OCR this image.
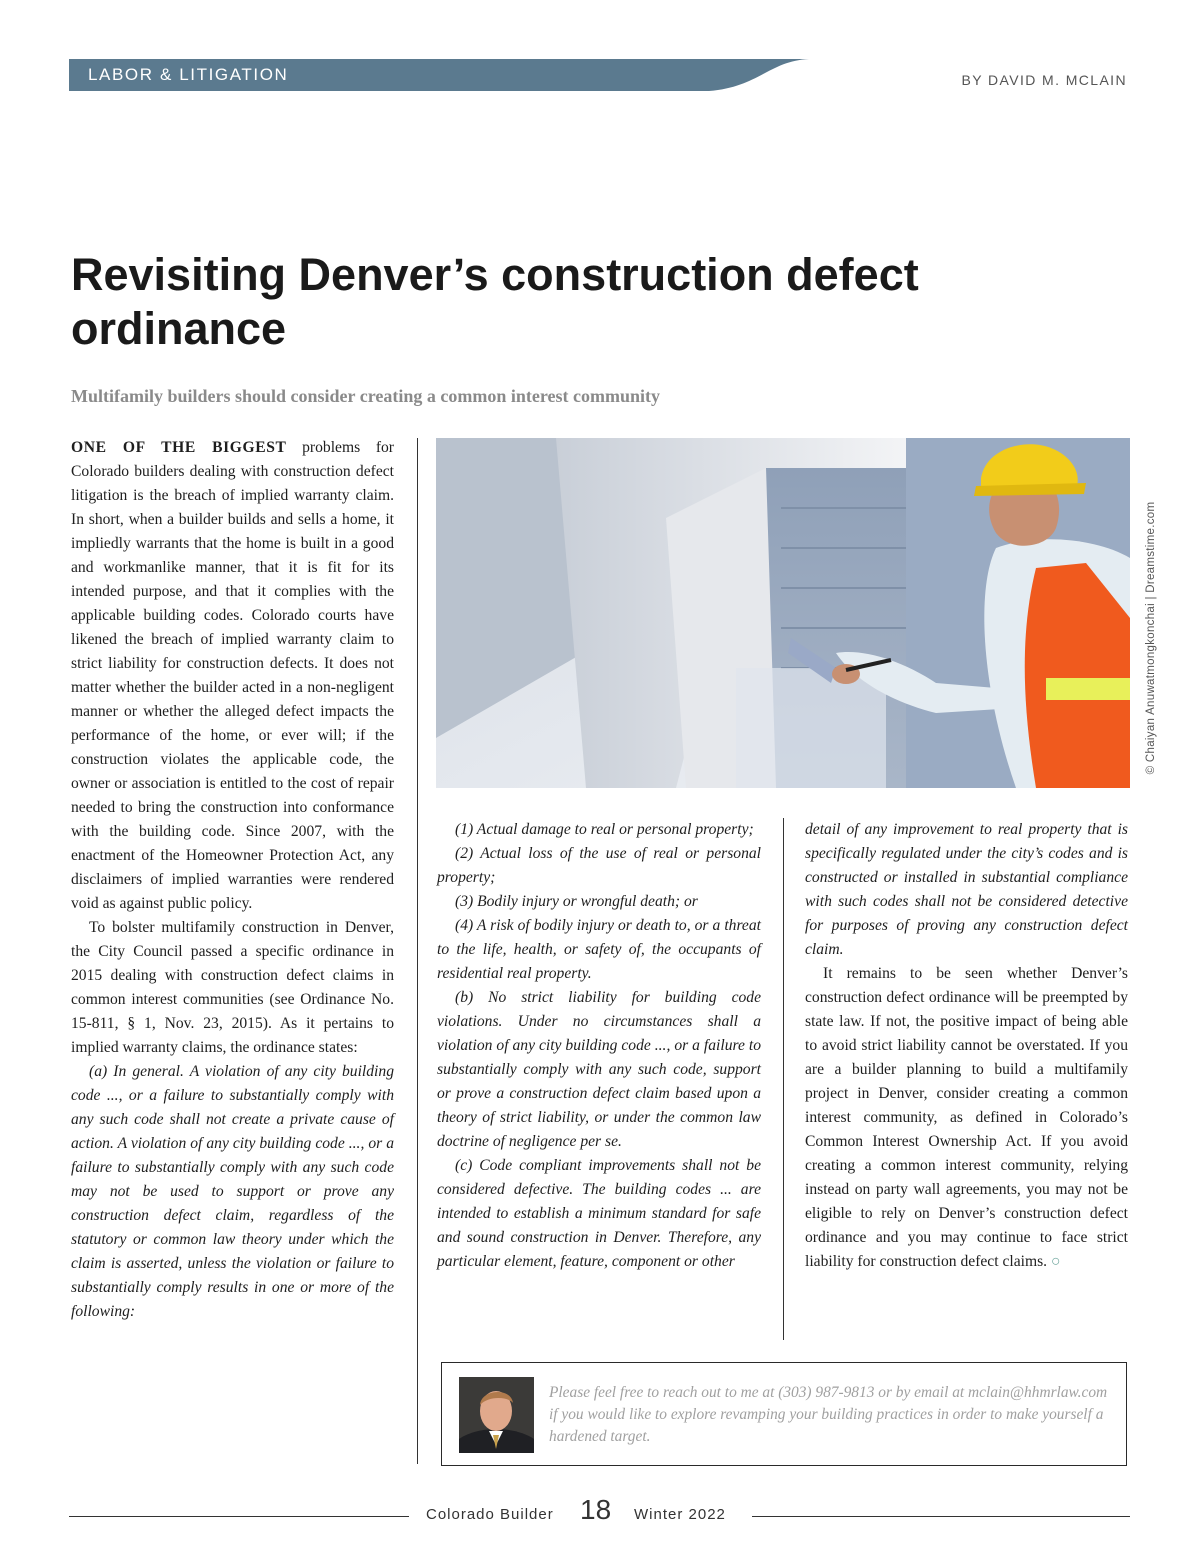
LABOR & LITIGATION	BY DAVID M. MCLAIN
Revisiting Denver’s construction defect ordinance
Multifamily builders should consider creating a common interest community

ONE OF THE BIGGEST problems for Colorado builders dealing with construction defect litigation is the breach of implied warranty claim. In short, when a builder builds and sells a home, it impliedly warrants that the home is built in a good and workmanlike manner, that it is fit for its intended purpose, and that it complies with the applicable building codes. Colorado courts have likened the breach of implied warranty claim to strict liability for construction defects. It does not matter whether the builder acted in a non-negligent manner or whether the alleged defect impacts the performance of the home, or ever will; if the construction violates the applicable code, the owner or association is entitled to the cost of repair needed to bring the construction into conformance with the building code. Since 2007, with the enactment of the Homeowner Protection Act, any disclaimers of implied warranties were rendered void as against public policy.

To bolster multifamily construction in Denver, the City Council passed a specific ordinance in 2015 dealing with construction defect claims in common interest communities (see Ordinance No. 15-811, § 1, Nov. 23, 2015). As it pertains to implied warranty claims, the ordinance states:

(a) In general. A violation of any city building code ..., or a failure to substantially comply with any such code shall not create a private cause of action. A violation of any city building code ..., or a failure to substantially comply with any such code may not be used to support or prove any construction defect claim, regardless of the statutory or common law theory under which the claim is asserted, unless the violation or failure to substantially comply results in one or more of the following:

© Chaiyan Anuwatmongkonchai | Dreamstime.com

(1) Actual damage to real or personal property;

(2) Actual loss of the use of real or personal property;

(3) Bodily injury or wrongful death; or

(4) A risk of bodily injury or death to, or a threat to the life, health, or safety of, the occupants of residential real property.

(b) No strict liability for building code violations. Under no circumstances shall a violation of any city building code ..., or a failure to substantially comply with any such code, support or prove a construction defect claim based upon a theory of strict liability, or under the common law doctrine of negligence per se.

(c) Code compliant improvements shall not be considered defective. The building codes ... are intended to establish a minimum standard for safe and sound construction in Denver. Therefore, any particular element, feature, component or other

detail of any improvement to real property that is specifically regulated under the city’s codes and is constructed or installed in substantial compliance with such codes shall not be considered detective for purposes of proving any construction defect claim.

It remains to be seen whether Denver’s construction defect ordinance will be preempted by state law. If not, the positive impact of being able to avoid strict liability cannot be overstated. If you are a builder planning to build a multifamily project in Denver, consider creating a common interest community, as defined in Colorado’s Common Interest Ownership Act. If you avoid creating a common interest community, relying instead on party wall agreements, you may not be eligible to rely on Denver’s construction defect ordinance and you may continue to face strict liability for construction defect claims. ○

Please feel free to reach out to me at (303) 987-9813 or by email at mclain@hhmrlaw.com if you would like to explore revamping your building practices in order to make yourself a hardened target.
Colorado Builder 18 Winter 2022
